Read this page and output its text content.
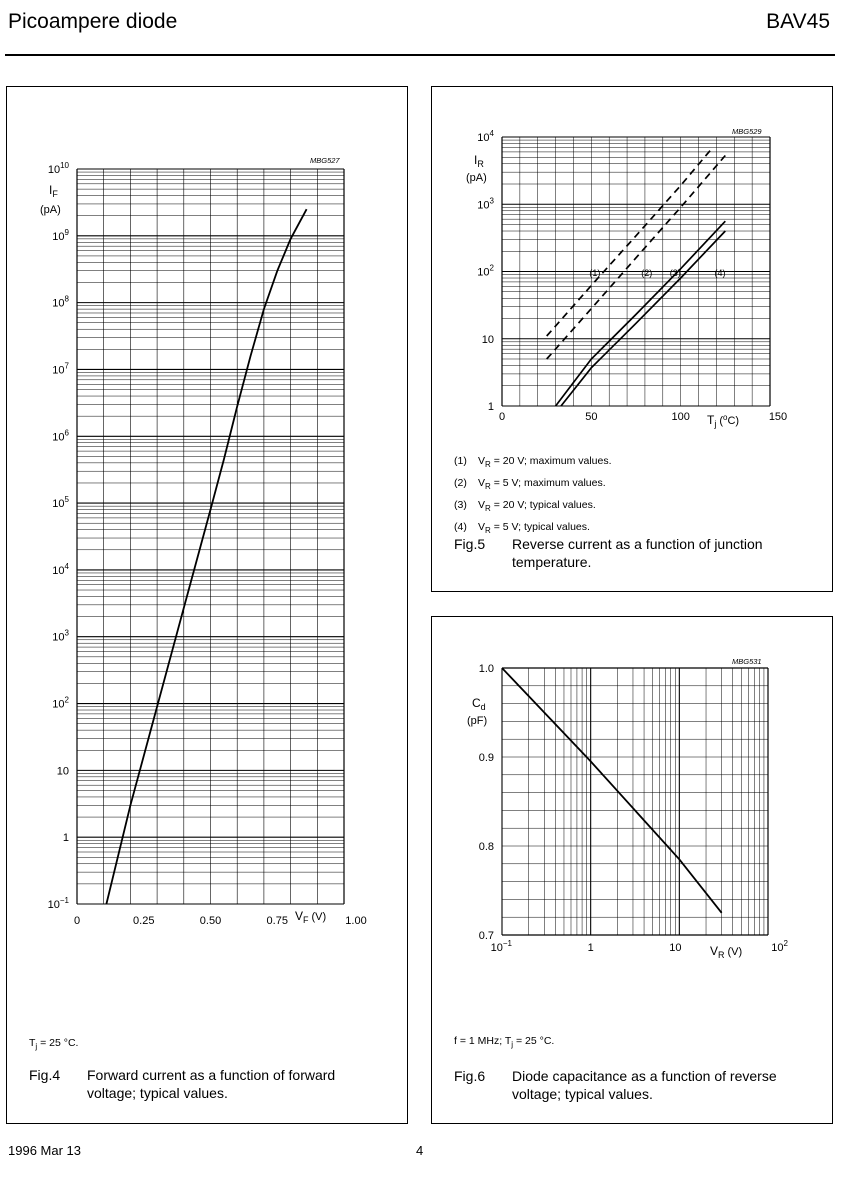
Picoampere diode	BAV45
MBG527
$10^{10}$
$10^9$
$10^8$
$10^7$
$10^6$
$10^5$
$10^4$
$10^3$
$10^2$
10
1
$10^{-1}$
0	0.25	0.50	0.75	1.00
$I_F$
(pA)
$V_F$ (V)
$T_j = 25$ °C.
Fig.4 Forward current as a function of forward
voltage; typical values.
MBG529
$10^4$
$10^3$
$10^2$
10
1
0	50	100	150
(1)	(2) (3)	(4)
$I_R$
(pA)
$T_j$ ($^o$C)
(1) $V_R = 20$ V; maximum values.
(2) $V_R = 5$ V; maximum values.
(3) $V_R = 20$ V; typical values.
(4) $V_R = 5$ V; typical values.
Fig.5 Reverse current as a function of junction
temperature.
MBG531
1.0
0.9
0.8
0.7
$10^{-1}$	1	10	$10^2$
$C_d$
(pF)
$V_R$ (V)
f = 1 MHz; $T_j = 25$ °C.
Fig.6 Diode capacitance as a function of reverse
voltage; typical values.
1996 Mar 13	4
